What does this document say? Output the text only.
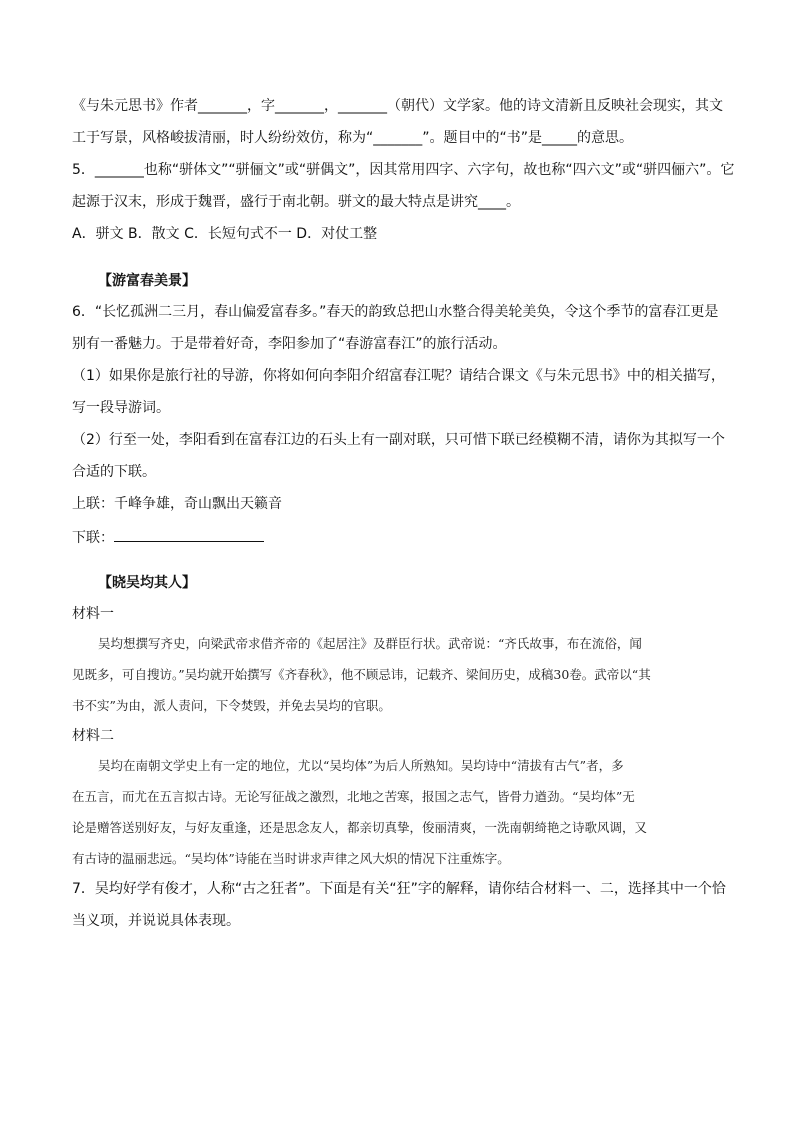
《与朱元思书》作者_______，字_______，_______（朝代）文学家。他的诗文清新且反映社会现实，其文
工于写景，风格峻拔清丽，时人纷纷效仿，称为“_______”。题目中的“书”是_____的意思。
5．_______也称“骈体文”“骈俪文”或“骈偶文”，因其常用四字、六字句，故也称“四六文”或“骈四俪六”。它
起源于汉末，形成于魏晋，盛行于南北朝。骈文的最大特点是讲究____。
A．骈文 B．散文 C．长短句式不一 D．对仗工整
【游富春美景】
6．“长忆孤洲二三月，春山偏爱富春多。”春天的韵致总把山水整合得美轮美奂，令这个季节的富春江更是
别有一番魅力。于是带着好奇，李阳参加了“春游富春江”的旅行活动。
（1）如果你是旅行社的导游，你将如何向李阳介绍富春江呢？请结合课文《与朱元思书》中的相关描写，
写一段导游词。
（2）行至一处，李阳看到在富春江边的石头上有一副对联，只可惜下联已经模糊不清，请你为其拟写一个
合适的下联。
上联：千峰争雄，奇山飘出天籁音
下联：
【晓吴均其人】
材料一
吴均想撰写齐史，向梁武帝求借齐帝的《起居注》及群臣行状。武帝说：“齐氏故事，布在流俗，闻
见既多，可自搜访。”吴均就开始撰写《齐春秋》，他不顾忌讳，记载齐、梁间历史，成稿30卷。武帝以“其
书不实”为由，派人责问，下令焚毁，并免去吴均的官职。
材料二
吴均在南朝文学史上有一定的地位，尤以“吴均体”为后人所熟知。吴均诗中“清拔有古气”者，多
在五言，而尤在五言拟古诗。无论写征战之激烈，北地之苦寒，报国之志气，皆骨力遒劲。“吴均体”无
论是赠答送别好友，与好友重逢，还是思念友人，都亲切真挚，俊丽清爽，一洗南朝绮艳之诗歌风调，又
有古诗的温丽悲远。“吴均体”诗能在当时讲求声律之风大炽的情况下注重炼字。
7．吴均好学有俊才，人称“古之狂者”。下面是有关“狂”字的解释，请你结合材料一、二，选择其中一个恰
当义项，并说说具体表现。
